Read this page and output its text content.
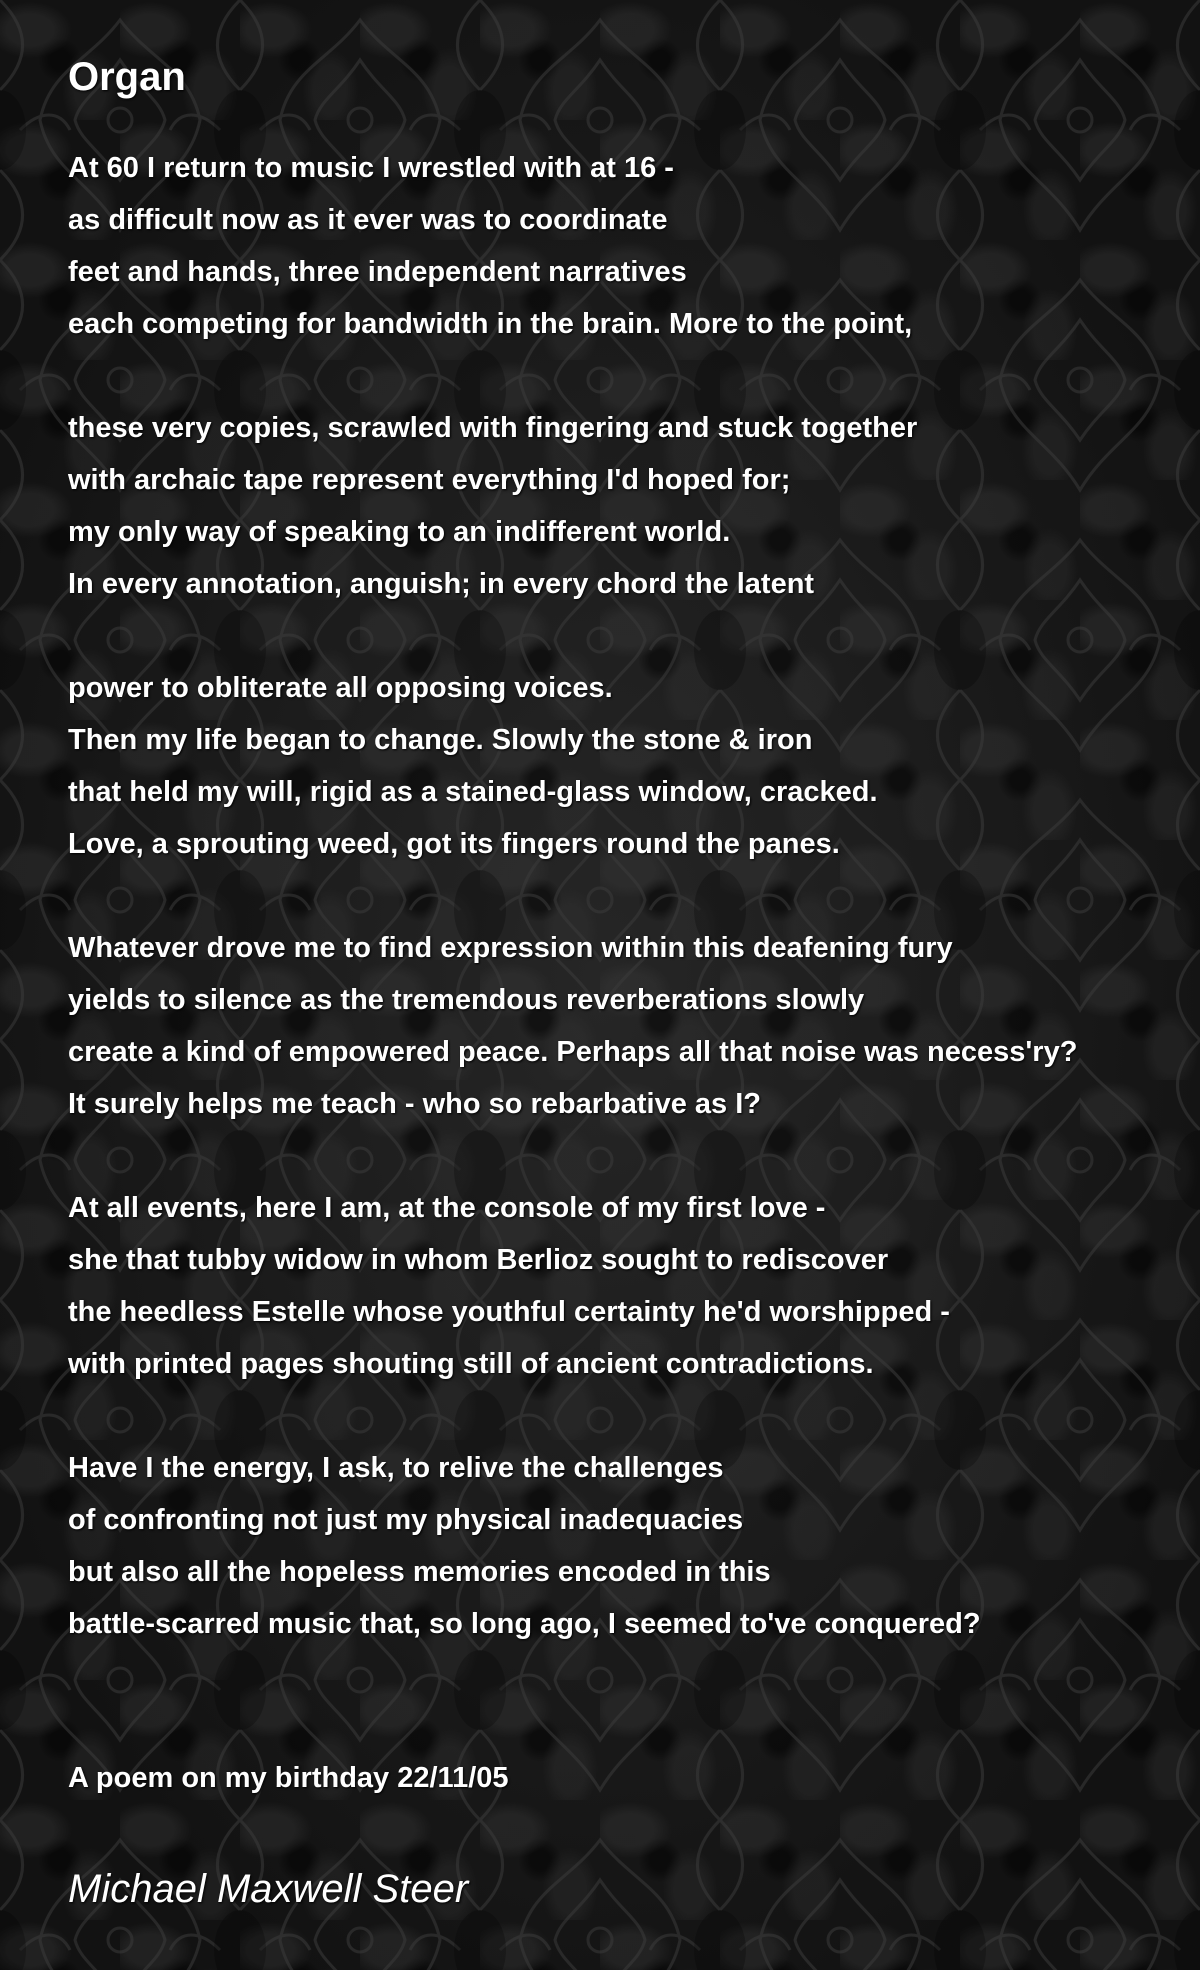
Organ
At 60 I return to music I wrestled with at 16 -
as difficult now as it ever was to coordinate
feet and hands, three independent narratives
each competing for bandwidth in the brain. More to the point,
these very copies, scrawled with fingering and stuck together
with archaic tape represent everything I'd hoped for;
my only way of speaking to an indifferent world.
In every annotation, anguish; in every chord the latent
power to obliterate all opposing voices.
Then my life began to change. Slowly the stone & iron
that held my will, rigid as a stained-glass window, cracked.
Love, a sprouting weed, got its fingers round the panes.
Whatever drove me to find expression within this deafening fury
yields to silence as the tremendous reverberations slowly
create a kind of empowered peace. Perhaps all that noise was necess'ry?
It surely helps me teach - who so rebarbative as I?
At all events, here I am, at the console of my first love -
she that tubby widow in whom Berlioz sought to rediscover
the heedless Estelle whose youthful certainty he'd worshipped -
with printed pages shouting still of ancient contradictions.
Have I the energy, I ask, to relive the challenges
of confronting not just my physical inadequacies
but also all the hopeless memories encoded in this
battle-scarred music that, so long ago, I seemed to've conquered?
A poem on my birthday 22/11/05
Michael Maxwell Steer
